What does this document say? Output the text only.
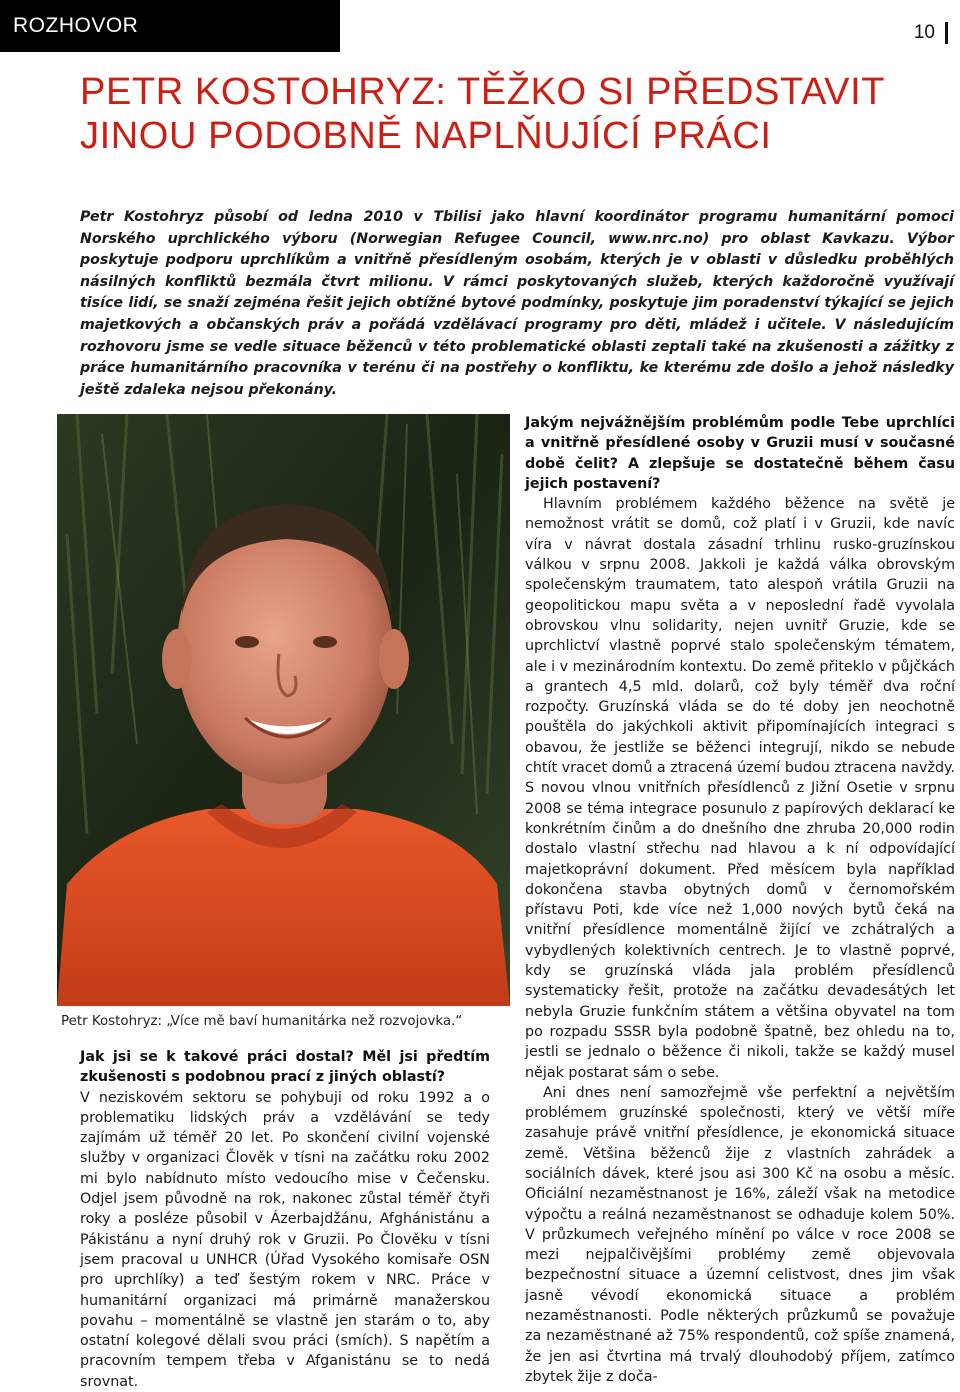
ROZHOVOR	10
PETR KOSTOHRYZ: TĚŽKO SI PŘEDSTAVIT JINOU PODOBNĚ NAPLŇUJÍCÍ PRÁCI

Petr Kostohryz působí od ledna 2010 v Tbilisi jako hlavní koordinátor programu humanitární pomoci Norského uprchlického výboru (Norwegian Refugee Council, www.nrc.no) pro oblast Kavkazu. Výbor poskytuje podporu uprchlíkům a vnitřně přesídleným osobám, kterých je v oblasti v důsledku proběhlých násilných konfliktů bezmála čtvrt milionu. V rámci poskytovaných služeb, kterých každoročně využívají tisíce lidí, se snaží zejména řešit jejich obtížné bytové podmínky, poskytuje jim poradenství týkající se jejich majetkových a občanských práv a pořádá vzdělávací programy pro děti, mládež i učitele. V následujícím rozhovoru jsme se vedle situace běženců v této problematické oblasti zeptali také na zkušenosti a zážitky z práce humanitárního pracovníka v terénu či na postřehy o konfliktu, ke kterému zde došlo a jehož následky ještě zdaleka nejsou překonány.

Petr Kostohryz: „Více mě baví humanitárka než rozvojovka.“

Jak jsi se k takové práci dostal? Měl jsi předtím zkušenosti s podobnou prací z jiných oblastí?

V neziskovém sektoru se pohybuji od roku 1992 a o problematiku lidských práv a vzdělávání se tedy zajímám už téměř 20 let. Po skončení civilní vojenské služby v organizaci Člověk v tísni na začátku roku 2002 mi bylo nabídnuto místo vedoucího mise v Čečensku. Odjel jsem původně na rok, nakonec zůstal téměř čtyři roky a posléze působil v Ázerbajdžánu, Afghánistánu a Pákistánu a nyní druhý rok v Gruzii. Po Člověku v tísni jsem pracoval u UNHCR (Úřad Vysokého komisaře OSN pro uprchlíky) a teď šestým rokem v NRC. Práce v humanitární organizaci má primárně manažerskou povahu – momentálně se vlastně jen starám o to, aby ostatní kolegové dělali svou práci (smích). S napětím a pracovním tempem třeba v Afganistánu se to nedá srovnat.

Jakým nejvážnějším problémům podle Tebe uprchlíci a vnitřně přesídlené osoby v Gruzii musí v současné době čelit? A zlepšuje se dostatečně během času jejich postavení?

Hlavním problémem každého běžence na světě je nemožnost vrátit se domů, což platí i v Gruzii, kde navíc víra v návrat dostala zásadní trhlinu rusko-gruzínskou válkou v srpnu 2008. Jakkoli je každá válka obrovským společenským traumatem, tato alespoň vrátila Gruzii na geopolitickou mapu světa a v neposlední řadě vyvolala obrovskou vlnu solidarity, nejen uvnitř Gruzie, kde se uprchlictví vlastně poprvé stalo společenským tématem, ale i v mezinárodním kontextu. Do země přiteklo v půjčkách a grantech 4,5 mld. dolarů, což byly téměř dva roční rozpočty. Gruzínská vláda se do té doby jen neochotně pouštěla do jakýchkoli aktivit připomínajících integraci s obavou, že jestliže se běženci integrují, nikdo se nebude chtít vracet domů a ztracená území budou ztracena navždy. S novou vlnou vnitřních přesídlenců z Jižní Osetie v srpnu 2008 se téma integrace posunulo z papírových deklarací ke konkrétním činům a do dnešního dne zhruba 20,000 rodin dostalo vlastní střechu nad hlavou a k ní odpovídající majetkoprávní dokument. Před měsícem byla například dokončena stavba obytných domů v černomořském přístavu Poti, kde více než 1,000 nových bytů čeká na vnitřní přesídlence momentálně žijící ve zchátralých a vybydlených kolektivních centrech. Je to vlastně poprvé, kdy se gruzínská vláda jala problém přesídlenců systematicky řešit, protože na začátku devadesátých let nebyla Gruzie funkčním státem a většina obyvatel na tom po rozpadu SSSR byla podobně špatně, bez ohledu na to, jestli se jednalo o běžence či nikoli, takže se každý musel nějak postarat sám o sebe.

Ani dnes není samozřejmě vše perfektní a největším problémem gruzínské společnosti, který ve větší míře zasahuje právě vnitřní přesídlence, je ekonomická situace země. Většina běženců žije z vlastních zahrádek a sociálních dávek, které jsou asi 300 Kč na osobu a měsíc. Oficiální nezaměstnanost je 16%, záleží však na metodice výpočtu a reálná nezaměstnanost se odhaduje kolem 50%. V průzkumech veřejného mínění po válce v roce 2008 se mezi nejpalčivějšími problémy země objevovala bezpečnostní situace a územní celistvost, dnes jim však jasně vévodí ekonomická situace a problém nezaměstnanosti. Podle některých průzkumů se považuje za nezaměstnané až 75% respondentů, což spíše znamená, že jen asi čtvrtina má trvalý dlouhodobý příjem, zatímco zbytek žije z doča-
